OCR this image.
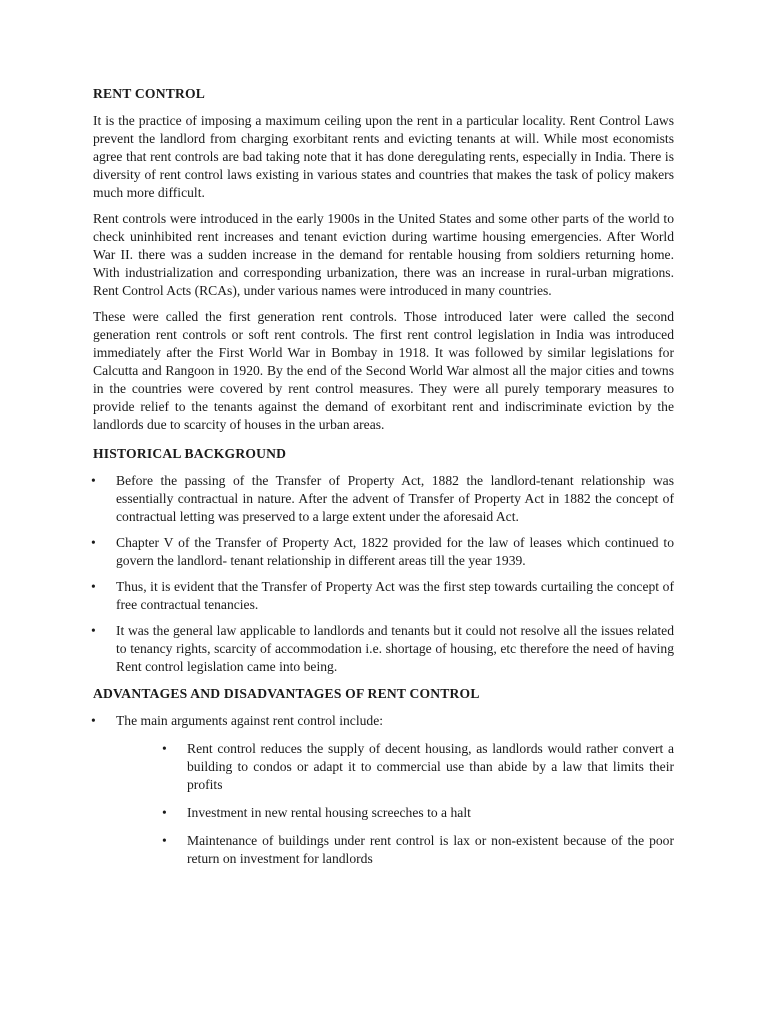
RENT CONTROL

It is the practice of imposing a maximum ceiling upon the rent in a particular locality. Rent Control Laws prevent the landlord from charging exorbitant rents and evicting tenants at will. While most economists agree that rent controls are bad taking note that it has done deregulating rents, especially in India. There is diversity of rent control laws existing in various states and countries that makes the task of policy makers much more difficult.

Rent controls were introduced in the early 1900s in the United States and some other parts of the world to check uninhibited rent increases and tenant eviction during wartime housing emergencies. After World War II. there was a sudden increase in the demand for rentable housing from soldiers returning home. With industrialization and corresponding urbanization, there was an increase in rural-urban migrations. Rent Control Acts (RCAs), under various names were introduced in many countries.

These were called the first generation rent controls. Those introduced later were called the second generation rent controls or soft rent controls. The first rent control legislation in India was introduced immediately after the First World War in Bombay in 1918. It was followed by similar legislations for Calcutta and Rangoon in 1920. By the end of the Second World War almost all the major cities and towns in the countries were covered by rent control measures. They were all purely temporary measures to provide relief to the tenants against the demand of exorbitant rent and indiscriminate eviction by the landlords due to scarcity of houses in the urban areas.

HISTORICAL BACKGROUND
• Before the passing of the Transfer of Property Act, 1882 the landlord-tenant relationship was essentially contractual in nature. After the advent of Transfer of Property Act in 1882 the concept of contractual letting was preserved to a large extent under the aforesaid Act.
• Chapter V of the Transfer of Property Act, 1822 provided for the law of leases which continued to govern the landlord- tenant relationship in different areas till the year 1939.
• Thus, it is evident that the Transfer of Property Act was the first step towards curtailing the concept of free contractual tenancies.
• It was the general law applicable to landlords and tenants but it could not resolve all the issues related to tenancy rights, scarcity of accommodation i.e. shortage of housing, etc therefore the need of having Rent control legislation came into being.
ADVANTAGES AND DISADVANTAGES OF RENT CONTROL
• The main arguments against rent control include:
• Rent control reduces the supply of decent housing, as landlords would rather convert a building to condos or adapt it to commercial use than abide by a law that limits their profits
• Investment in new rental housing screeches to a halt
• Maintenance of buildings under rent control is lax or non-existent because of the poor return on investment for landlords
